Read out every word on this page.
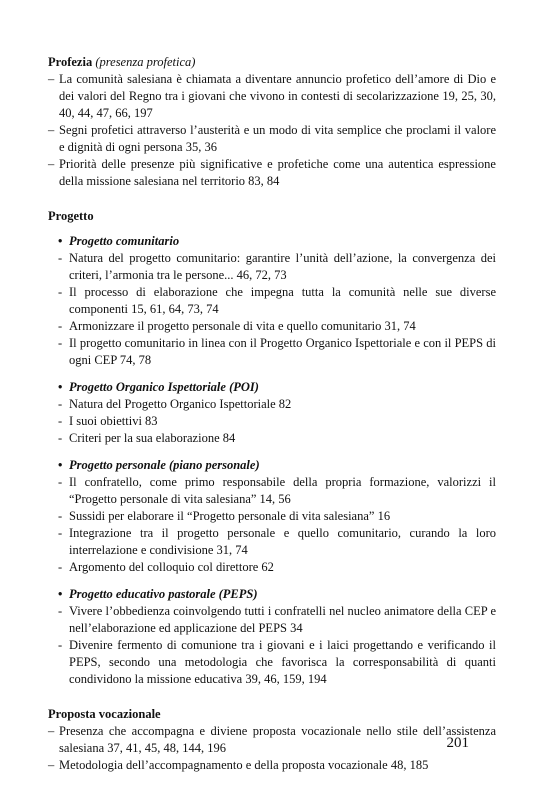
Profezia (presenza profetica)

– La comunità salesiana è chiamata a diventare annuncio profetico dell’amore di Dio e dei valori del Regno tra i giovani che vivono in contesti di secolarizzazione 19, 25, 30, 40, 44, 47, 66, 197
– Segni profetici attraverso l’austerità e un modo di vita semplice che proclami il valore e dignità di ogni persona 35, 36
– Priorità delle presenze più significative e profetiche come una autentica espressione della missione salesiana nel territorio 83, 84

Progetto

• Progetto comunitario
- Natura del progetto comunitario: garantire l’unità dell’azione, la convergenza dei criteri, l’armonia tra le persone... 46, 72, 73
- Il processo di elaborazione che impegna tutta la comunità nelle sue diverse componenti 15, 61, 64, 73, 74
- Armonizzare il progetto personale di vita e quello comunitario 31, 74
- Il progetto comunitario in linea con il Progetto Organico Ispettoriale e con il PEPS di ogni CEP 74, 78
• Progetto Organico Ispettoriale (POI)
- Natura del Progetto Organico Ispettoriale 82
- I suoi obiettivi 83
- Criteri per la sua elaborazione 84
• Progetto personale (piano personale)
- Il confratello, come primo responsabile della propria formazione, valorizzi il “Progetto personale di vita salesiana” 14, 56
- Sussidi per elaborare il “Progetto personale di vita salesiana” 16
- Integrazione tra il progetto personale e quello comunitario, curando la loro interrelazione e condivisione 31, 74
- Argomento del colloquio col direttore 62
• Progetto educativo pastorale (PEPS)
- Vivere l’obbedienza coinvolgendo tutti i confratelli nel nucleo animatore della CEP e nell’elaborazione ed applicazione del PEPS 34
- Divenire fermento di comunione tra i giovani e i laici progettando e verificando il PEPS, secondo una metodologia che favorisca la corresponsabilità di quanti condividono la missione educativa 39, 46, 159, 194

Proposta vocazionale

– Presenza che accompagna e diviene proposta vocazionale nello stile dell’assistenza salesiana 37, 41, 45, 48, 144, 196
– Metodologia dell’accompagnamento e della proposta vocazionale 48, 185
201
